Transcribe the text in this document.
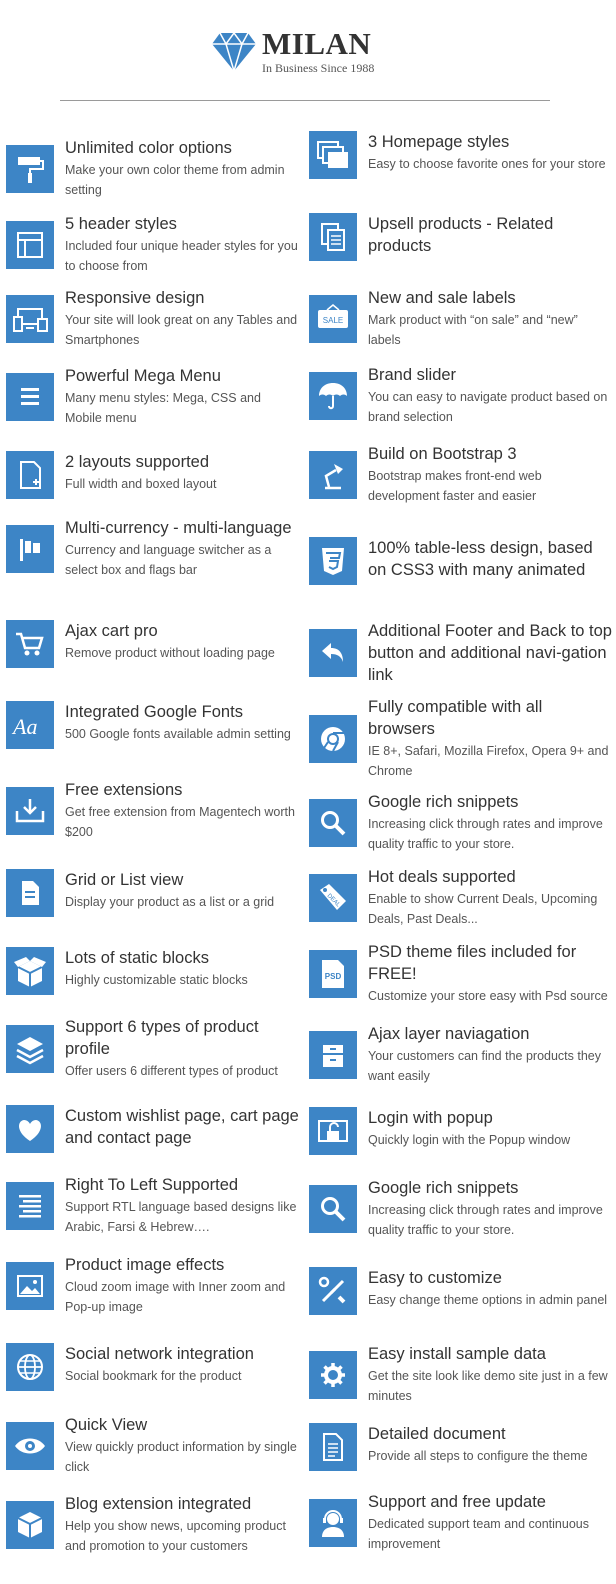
MILAN
In Business Since 1988
Unlimited color options
Make your own color theme from admin setting
5 header styles
Included four unique header styles for you to choose from
Responsive design
Your site will look great on any Tables and Smartphones
Powerful Mega Menu
Many menu styles: Mega, CSS and Mobile menu
2 layouts supported
Full width and boxed layout
Multi-currency - multi-language
Currency and language switcher as a select box and flags bar
Ajax cart pro
Remove product without loading page
Integrated Google Fonts
500 Google fonts available admin setting
Aa
Free extensions
Get free extension from Magentech worth $200
Grid or List view
Display your product as a list or a grid
Lots of static blocks
Highly customizable static blocks
Support 6 types of product profile
Offer users 6 different types of product
Custom wishlist page, cart page and contact page
Right To Left Supported
Support RTL language based designs like Arabic, Farsi & Hebrew….
Product image effects
Cloud zoom image with Inner zoom and Pop-up image
Social network integration
Social bookmark for the product
Quick View
View quickly product information by single click
Blog extension integrated
Help you show news, upcoming product and promotion to your customers
3 Homepage styles
Easy to choose favorite ones for your store
Upsell products - Related products
New and sale labels
Mark product with “on sale” and “new” labels
SALE
Brand slider
You can easy to navigate product based on brand selection
Build on Bootstrap 3
Bootstrap makes front-end web development faster and easier
100% table-less design, based on CSS3 with many animated
Additional Footer and Back to top button and additional navi-gation link
Fully compatible with all browsers
IE 8+, Safari, Mozilla Firefox, Opera 9+ and Chrome
Google rich snippets
Increasing click through rates and improve quality traffic to your store.
Hot deals supported
Enable to show Current Deals, Upcoming Deals, Past Deals...
DEAL
PSD theme files included for FREE!
Customize your store easy with Psd source
PSD
Ajax layer naviagation
Your customers can find the products they want easily
Login with popup
Quickly login with the Popup window
Google rich snippets
Increasing click through rates and improve quality traffic to your store.
Easy to customize
Easy change theme options in admin panel
Easy install sample data
Get the site look like demo site just in a few minutes
Detailed document
Provide all steps to configure the theme
Support and free update
Dedicated support team and continuous improvement
